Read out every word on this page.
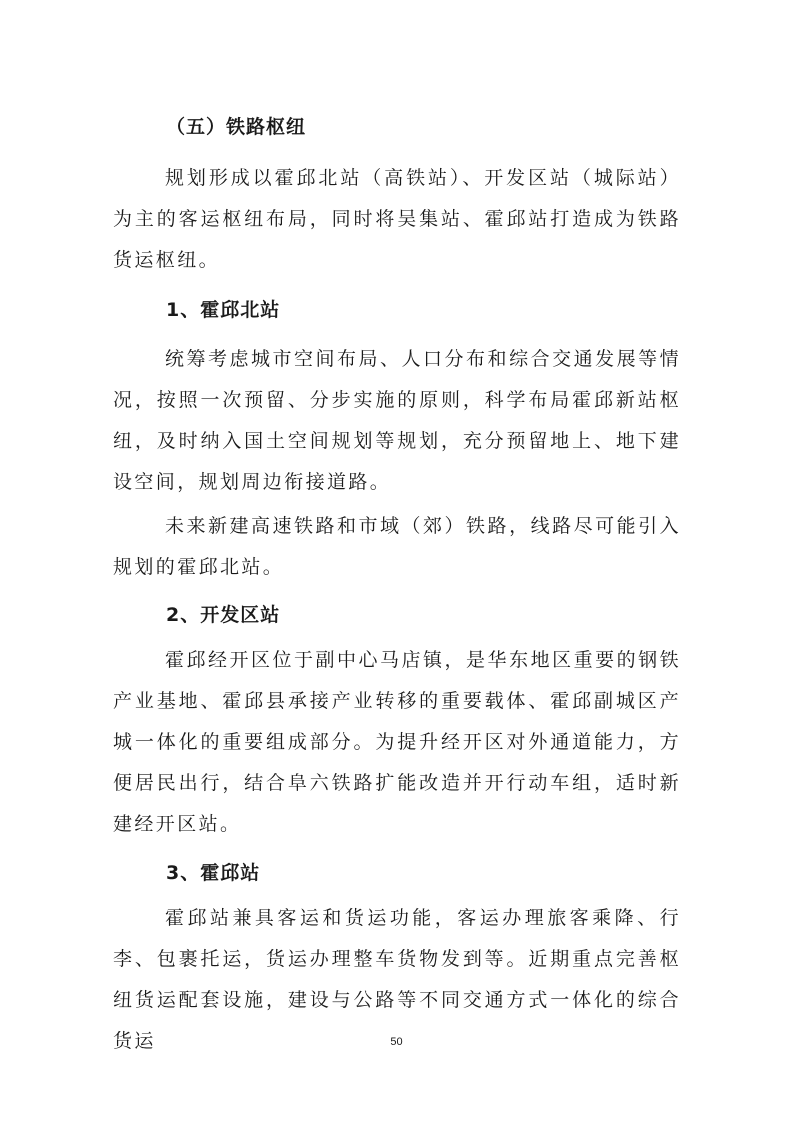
（五）铁路枢纽

规划形成以霍邱北站（高铁站）、开发区站（城际站）为主的客运枢纽布局，同时将吴集站、霍邱站打造成为铁路货运枢纽。

1、霍邱北站

统筹考虑城市空间布局、人口分布和综合交通发展等情况，按照一次预留、分步实施的原则，科学布局霍邱新站枢纽，及时纳入国土空间规划等规划，充分预留地上、地下建设空间，规划周边衔接道路。

未来新建高速铁路和市域（郊）铁路，线路尽可能引入规划的霍邱北站。

2、开发区站

霍邱经开区位于副中心马店镇，是华东地区重要的钢铁产业基地、霍邱县承接产业转移的重要载体、霍邱副城区产城一体化的重要组成部分。为提升经开区对外通道能力，方便居民出行，结合阜六铁路扩能改造并开行动车组，适时新建经开区站。

3、霍邱站

霍邱站兼具客运和货运功能，客运办理旅客乘降、行李、包裹托运，货运办理整车货物发到等。近期重点完善枢纽货运配套设施，建设与公路等不同交通方式一体化的综合货运	50
